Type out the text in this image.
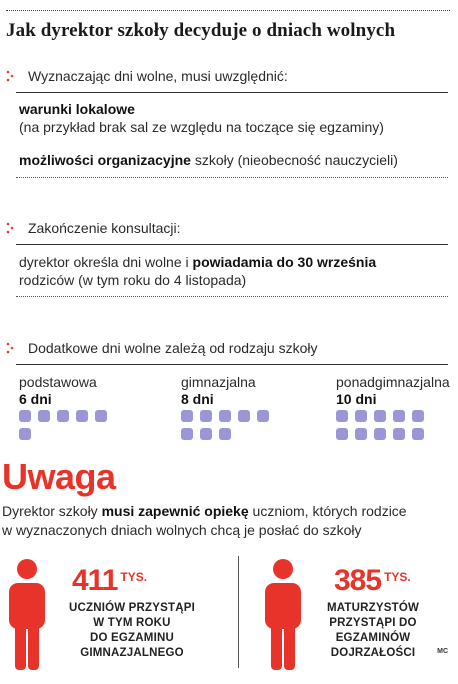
Jak dyrektor szkoły decyduje o dniach wolnych
Wyznaczając dni wolne, musi uwzględnić:
warunki lokalowe
(na przykład brak sal ze względu na toczące się egzaminy)
możliwości organizacyjne szkoły (nieobecność nauczycieli)
Zakończenie konsultacji:
dyrektor określa dni wolne i powiadamia do 30 września
rodziców (w tym roku do 4 listopada)
Dodatkowe dni wolne zależą od rodzaju szkoły
podstawowa
6 dni
gimnazjalna
8 dni
ponadgimnazjalna
10 dni
Uwaga
Dyrektor szkoły musi zapewnić opiekę uczniom, których rodzice
w wyznaczonych dniach wolnych chcą je posłać do szkoły
411 $^{TYS.}$
UCZNIÓW PRZYSTĄPI
W TYM ROKU
DO EGZAMINU
GIMNAZJALNEGO
385 $^{TYS.}$
MATURZYSTÓW
PRZYSTĄPI DO
EGZAMINÓW
DOJRZAŁOŚCI	MC
